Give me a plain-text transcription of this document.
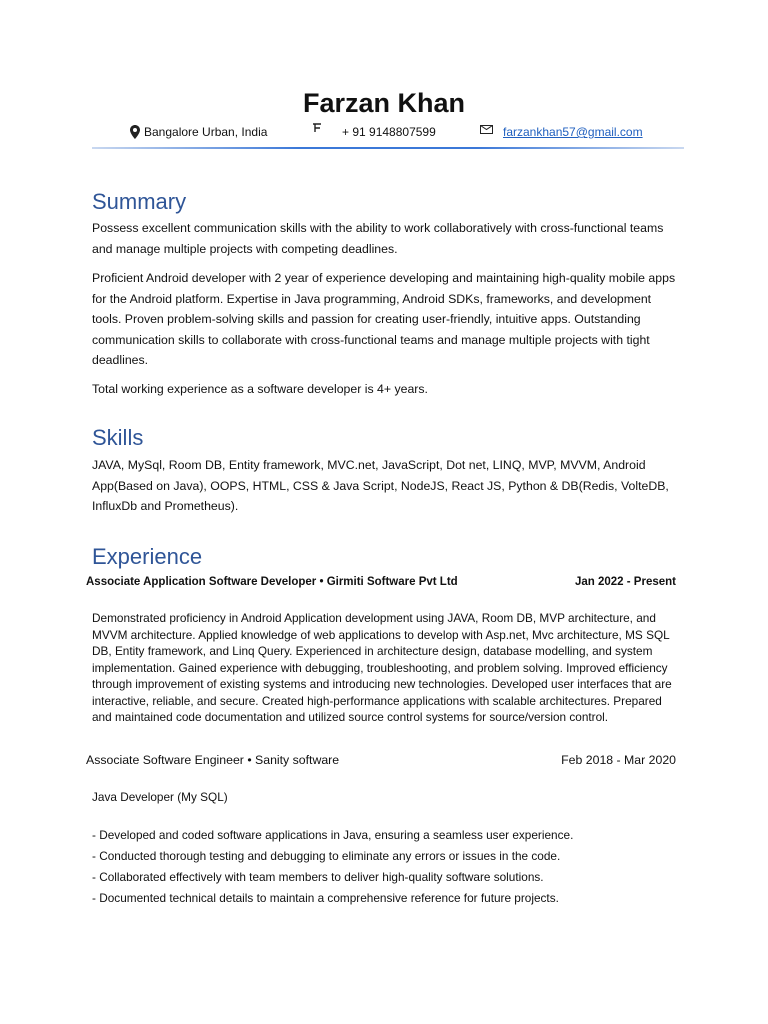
Farzan Khan
Bangalore Urban, India	+ 91 9148807599	farzankhan57@gmail.com
Summary

Possess excellent communication skills with the ability to work collaboratively with cross-functional teams and manage multiple projects with competing deadlines.

Proficient Android developer with 2 year of experience developing and maintaining high-quality mobile apps for the Android platform. Expertise in Java programming, Android SDKs, frameworks, and development tools. Proven problem-solving skills and passion for creating user-friendly, intuitive apps. Outstanding communication skills to collaborate with cross-functional teams and manage multiple projects with tight deadlines.

Total working experience as a software developer is 4+ years.

Skills

JAVA, MySql, Room DB, Entity framework, MVC.net, JavaScript, Dot net, LINQ, MVP, MVVM, Android App(Based on Java), OOPS, HTML, CSS & Java Script, NodeJS, React JS, Python & DB(Redis, VolteDB, InfluxDb and Prometheus).

Experience
Associate Application Software Developer • Girmiti Software Pvt Ltd	Jan 2022 - Present

Demonstrated proficiency in Android Application development using JAVA, Room DB, MVP architecture, and MVVM architecture. Applied knowledge of web applications to develop with Asp.net, Mvc architecture, MS SQL DB, Entity framework, and Linq Query. Experienced in architecture design, database modelling, and system implementation. Gained experience with debugging, troubleshooting, and problem solving. Improved efficiency through improvement of existing systems and introducing new technologies. Developed user interfaces that are interactive, reliable, and secure. Created high-performance applications with scalable architectures. Prepared and maintained code documentation and utilized source control systems for source/version control.

Associate Software Engineer • Sanity software	Feb 2018 - Mar 2020

Java Developer (My SQL)

- Developed and coded software applications in Java, ensuring a seamless user experience.
- Conducted thorough testing and debugging to eliminate any errors or issues in the code.
- Collaborated effectively with team members to deliver high-quality software solutions.
- Documented technical details to maintain a comprehensive reference for future projects.
